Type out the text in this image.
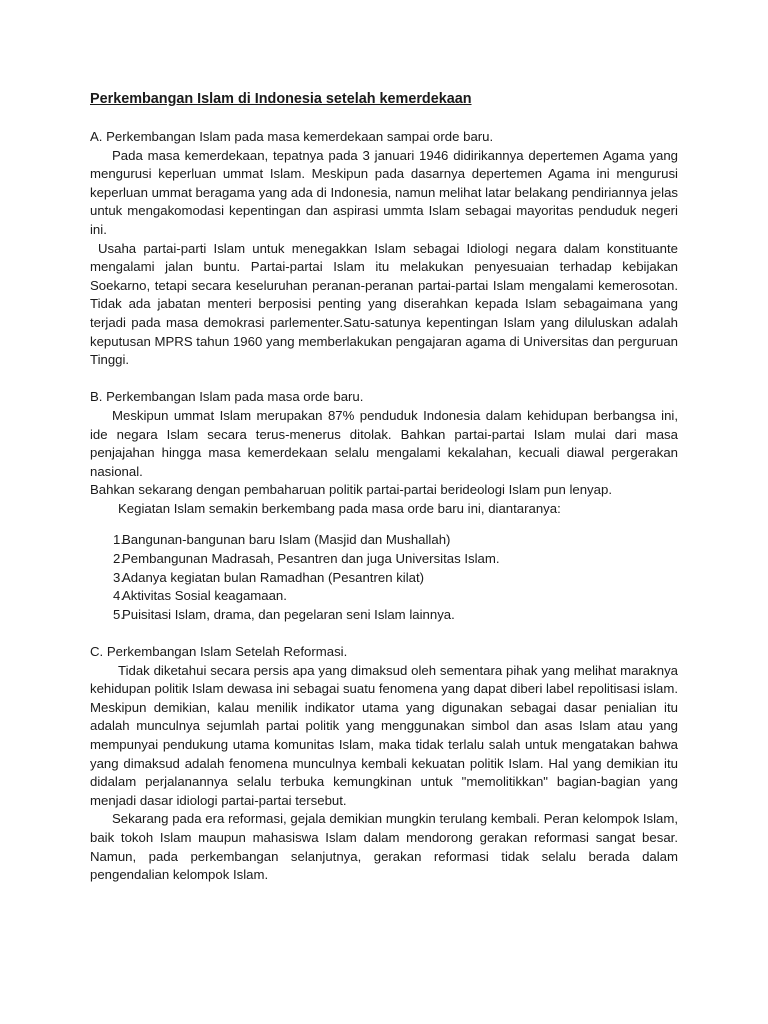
Perkembangan Islam di Indonesia setelah kemerdekaan

A. Perkembangan Islam pada masa kemerdekaan sampai orde baru.

Pada masa kemerdekaan, tepatnya pada 3 januari 1946 didirikannya depertemen Agama yang mengurusi keperluan ummat Islam. Meskipun pada dasarnya depertemen Agama ini mengurusi keperluan ummat beragama yang ada di Indonesia, namun melihat latar belakang pendiriannya jelas untuk mengakomodasi kepentingan dan aspirasi ummta Islam sebagai mayoritas penduduk negeri ini.

Usaha partai-parti Islam untuk menegakkan Islam sebagai Idiologi negara dalam konstituante mengalami jalan buntu. Partai-partai Islam itu melakukan penyesuaian terhadap kebijakan Soekarno, tetapi secara keseluruhan peranan-peranan partai-partai Islam mengalami kemerosotan. Tidak ada jabatan menteri berposisi penting yang diserahkan kepada Islam sebagaimana yang terjadi pada masa demokrasi parlementer.Satu-satunya kepentingan Islam yang diluluskan adalah keputusan MPRS tahun 1960 yang memberlakukan pengajaran agama di Universitas dan perguruan Tinggi.

B. Perkembangan Islam pada masa orde baru.

Meskipun ummat Islam merupakan 87% penduduk Indonesia dalam kehidupan berbangsa ini, ide negara Islam secara terus-menerus ditolak. Bahkan partai-partai Islam mulai dari masa penjajahan hingga masa kemerdekaan selalu mengalami kekalahan, kecuali diawal pergerakan nasional.

Bahkan sekarang dengan pembaharuan politik partai-partai berideologi Islam pun lenyap.

Kegiatan Islam semakin berkembang pada masa orde baru ini, diantaranya:

1.
Bangunan-bangunan baru Islam (Masjid dan Mushallah)
2.
Pembangunan Madrasah, Pesantren dan juga Universitas Islam.
3.
Adanya kegiatan bulan Ramadhan (Pesantren kilat)
4.
Aktivitas Sosial keagamaan.
5.
Puisitasi Islam, drama, dan pegelaran seni Islam lainnya.

C. Perkembangan Islam Setelah Reformasi.

Tidak diketahui secara persis apa yang dimaksud oleh sementara pihak yang melihat maraknya kehidupan politik Islam dewasa ini sebagai suatu fenomena yang dapat diberi label repolitisasi islam. Meskipun demikian, kalau menilik indikator utama yang digunakan sebagai dasar penialian itu adalah munculnya sejumlah partai politik yang menggunakan simbol dan asas Islam atau yang mempunyai pendukung utama komunitas Islam, maka tidak terlalu salah untuk mengatakan bahwa yang dimaksud adalah fenomena munculnya kembali kekuatan politik Islam. Hal yang demikian itu didalam perjalanannya selalu terbuka kemungkinan untuk "memolitikkan" bagian-bagian yang menjadi dasar idiologi partai-partai tersebut.

Sekarang pada era reformasi, gejala demikian mungkin terulang kembali. Peran kelompok Islam, baik tokoh Islam maupun mahasiswa Islam dalam mendorong gerakan reformasi sangat besar. Namun, pada perkembangan selanjutnya, gerakan reformasi tidak selalu berada dalam pengendalian kelompok Islam.
